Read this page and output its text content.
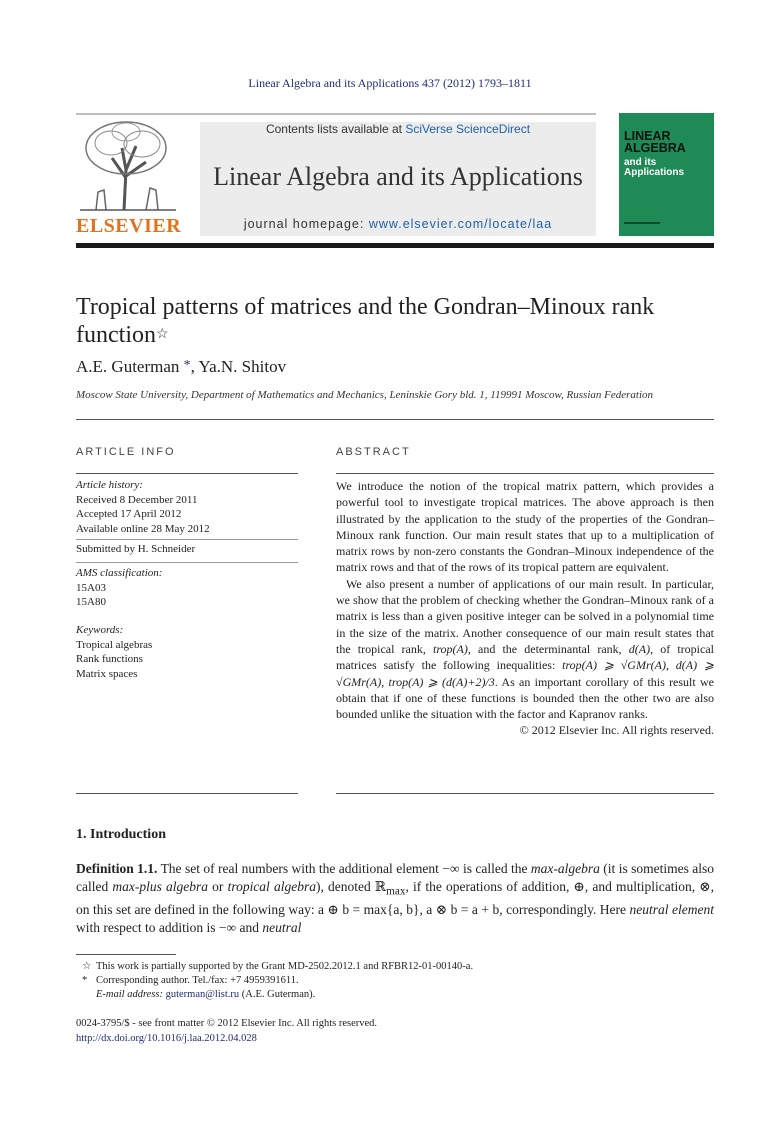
Linear Algebra and its Applications 437 (2012) 1793–1811
ELSEVIER
Contents lists available at SciVerse ScienceDirect
Linear Algebra and its Applications
journal homepage: www.elsevier.com/locate/laa
LINEAR ALGEBRA
and its Applications
Tropical patterns of matrices and the Gondran–Minoux rank function☆
A.E. Guterman *, Ya.N. Shitov
Moscow State University, Department of Mathematics and Mechanics, Leninskie Gory bld. 1, 119991 Moscow, Russian Federation
ARTICLE INFO
Article history:
Received 8 December 2011
Accepted 17 April 2012
Available online 28 May 2012
Submitted by H. Schneider
AMS classification:
15A03
15A80
Keywords:
Tropical algebras
Rank functions
Matrix spaces
ABSTRACT

We introduce the notion of the tropical matrix pattern, which provides a powerful tool to investigate tropical matrices. The above approach is then illustrated by the application to the study of the properties of the Gondran–Minoux rank function. Our main result states that up to a multiplication of matrix rows by non-zero constants the Gondran–Minoux independence of the matrix rows and that of the rows of its tropical pattern are equivalent.

We also present a number of applications of our main result. In particular, we show that the problem of checking whether the Gondran–Minoux rank of a matrix is less than a given positive integer can be solved in a polynomial time in the size of the matrix. Another consequence of our main result states that the tropical rank, trop(A), and the determinantal rank, d(A), of tropical matrices satisfy the following inequalities: trop(A) ⩾ √GMr(A), d(A) ⩾ √GMr(A), trop(A) ⩾ (d(A)+2)/3. As an important corollary of this result we obtain that if one of these functions is bounded then the other two are also bounded unlike the situation with the factor and Kapranov ranks.

© 2012 Elsevier Inc. All rights reserved.

1. Introduction
Definition 1.1. The set of real numbers with the additional element −∞ is called the max-algebra (it is sometimes also called max-plus algebra or tropical algebra), denoted ℝ$_{max}$, if the operations of addition, ⊕, and multiplication, ⊗, on this set are defined in the following way: a ⊕ b = max{a, b}, a ⊗ b = a + b, correspondingly. Here neutral element with respect to addition is −∞ and neutral
☆ This work is partially supported by the Grant MD-2502.2012.1 and RFBR12-01-00140-a.
* Corresponding author. Tel./fax: +7 4959391611.
E-mail address: guterman@list.ru (A.E. Guterman).
0024-3795/$ - see front matter © 2012 Elsevier Inc. All rights reserved.
http://dx.doi.org/10.1016/j.laa.2012.04.028
